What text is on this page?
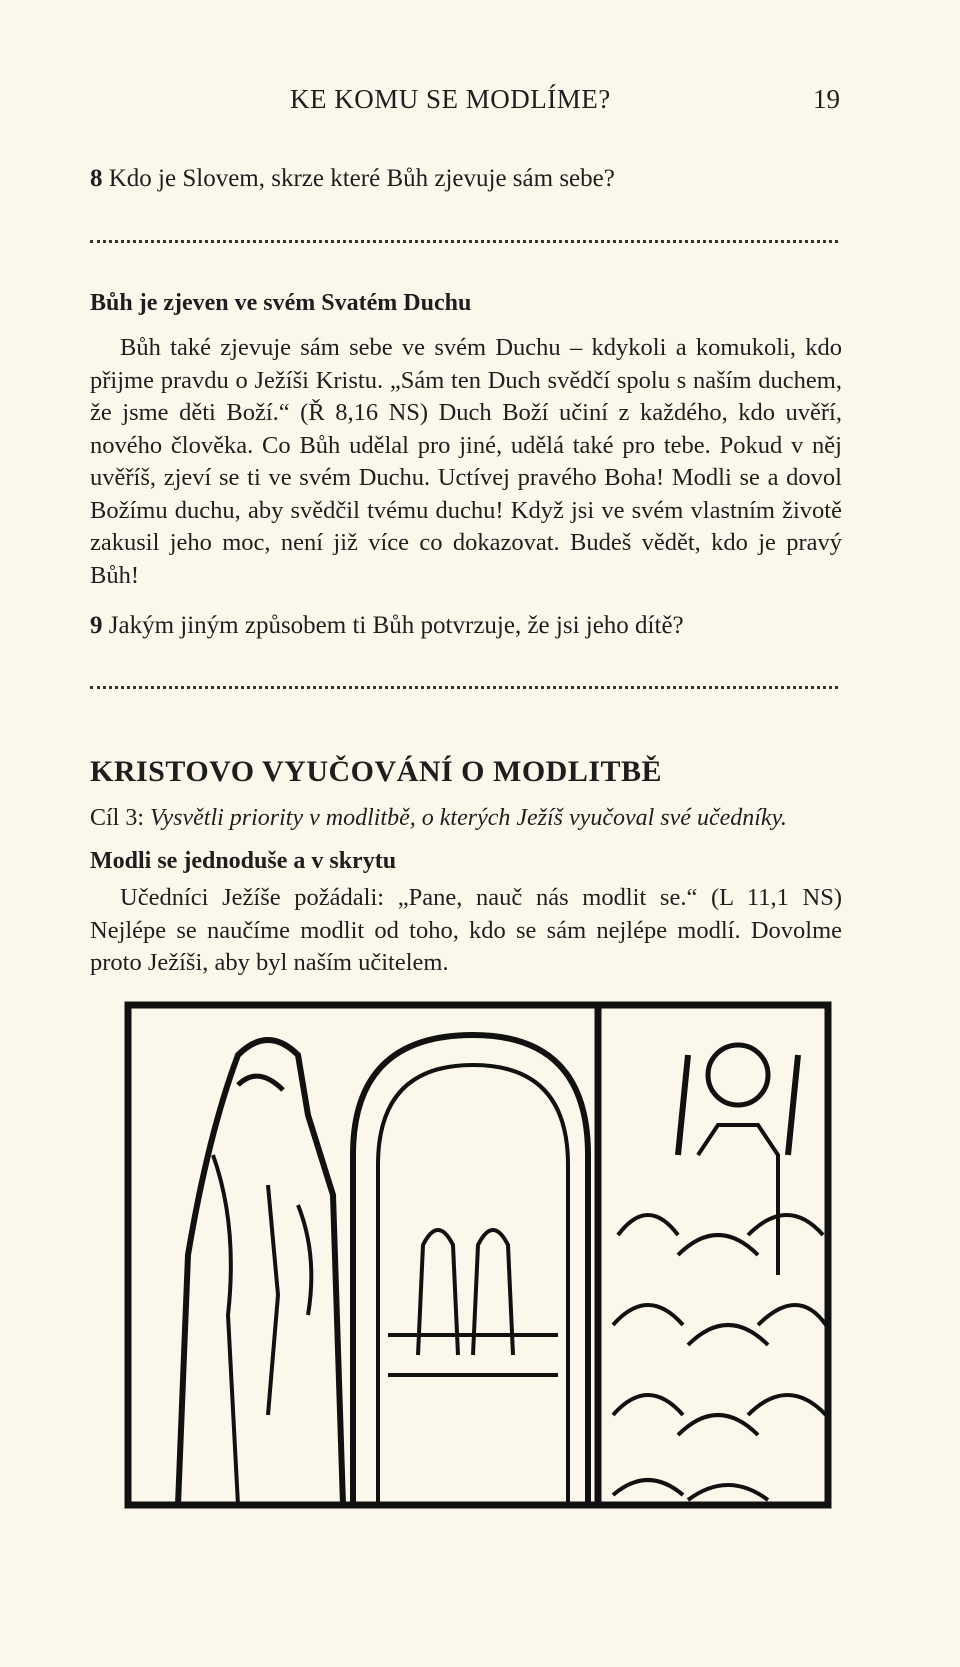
KE KOMU SE MODLÍME?	19
8 Kdo je Slovem, skrze které Bůh zjevuje sám sebe?
Bůh je zjeven ve svém Svatém Duchu
Bůh také zjevuje sám sebe ve svém Duchu – kdykoli a komukoli, kdo přijme pravdu o Ježíši Kristu. „Sám ten Duch svědčí spolu s naším duchem, že jsme děti Boží.“ (Ř 8,16 NS) Duch Boží učiní z každého, kdo uvěří, nového člověka. Co Bůh udělal pro jiné, udělá také pro tebe. Pokud v něj uvěříš, zjeví se ti ve svém Duchu. Uctívej pravého Boha! Modli se a dovol Božímu duchu, aby svědčil tvému duchu! Když jsi ve svém vlastním životě zakusil jeho moc, není již více co dokazovat. Budeš vědět, kdo je pravý Bůh!
9 Jakým jiným způsobem ti Bůh potvrzuje, že jsi jeho dítě?
KRISTOVO VYUČOVÁNÍ O MODLITBĚ
Cíl 3: Vysvětli priority v modlitbě, o kterých Ježíš vyučoval své učedníky.
Modli se jednoduše a v skrytu
Učedníci Ježíše požádali: „Pane, nauč nás modlit se.“ (L 11,1 NS) Nejlépe se naučíme modlit od toho, kdo se sám nejlépe modlí. Dovolme proto Ježíši, aby byl naším učitelem.
